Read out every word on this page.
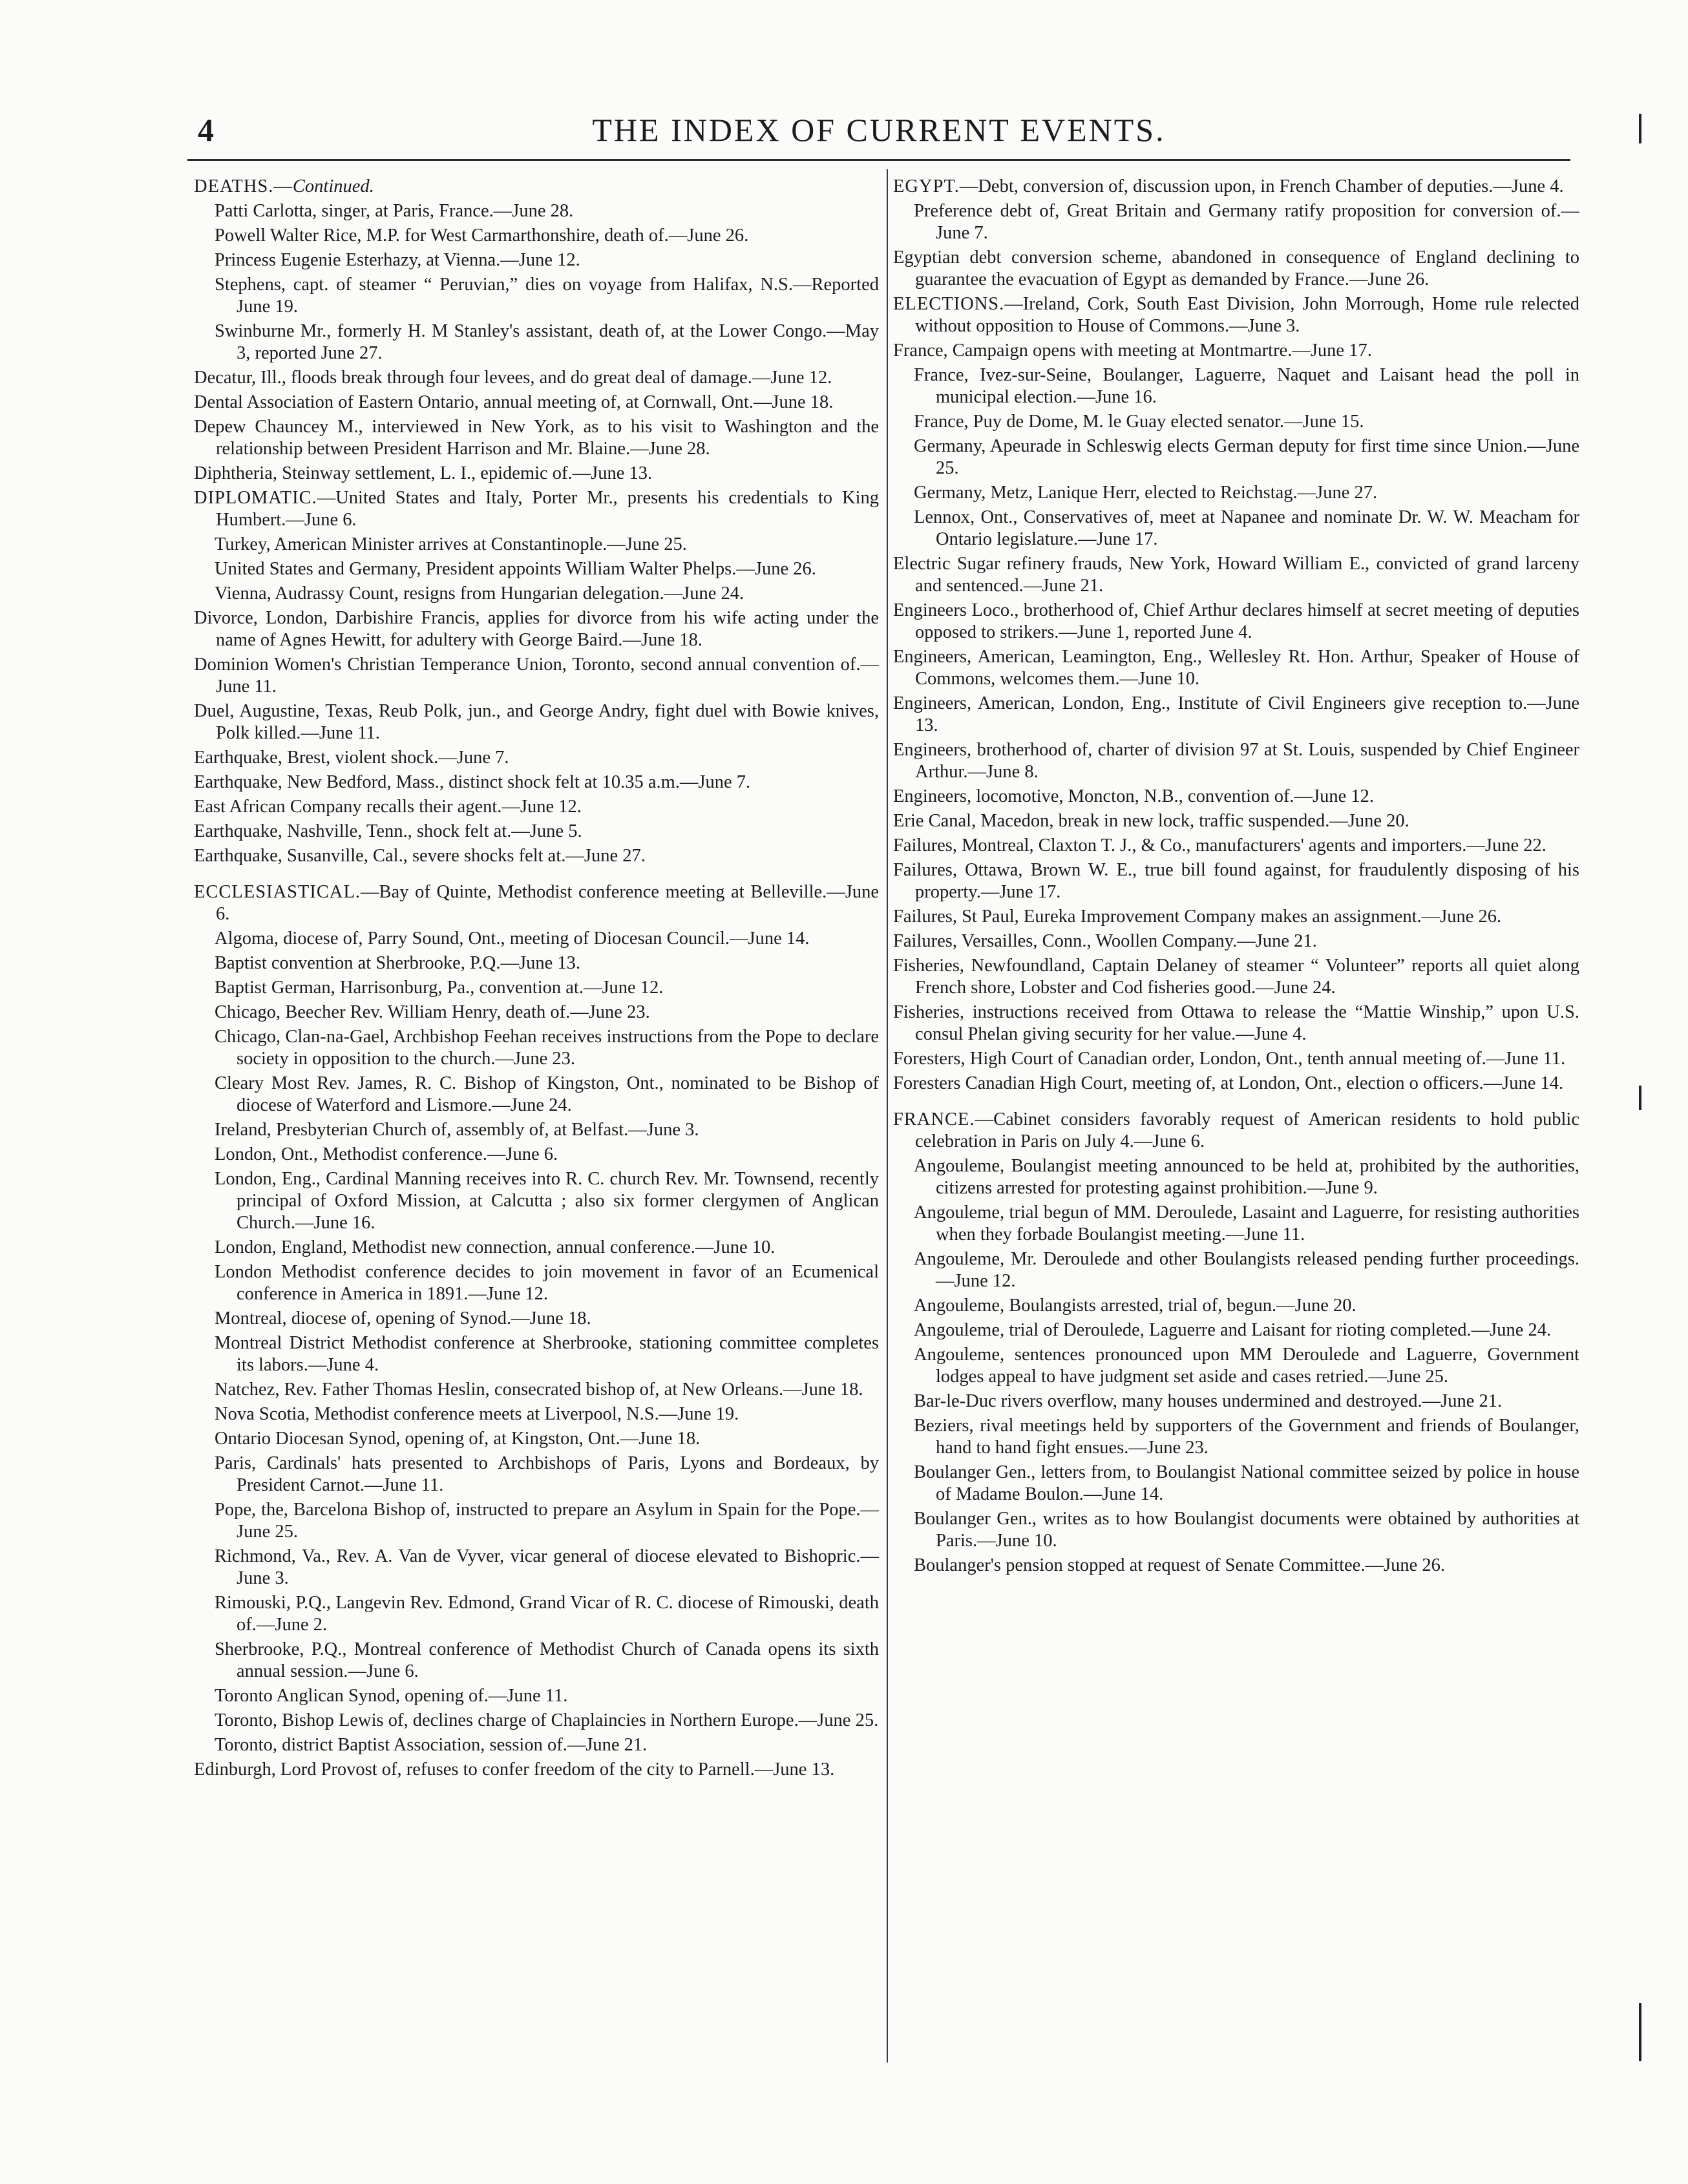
4	THE INDEX OF CURRENT EVENTS.
DEATHS.—Continued.
Patti Carlotta, singer, at Paris, France.—June 28.
Powell Walter Rice, M.P. for West Carmarthonshire, death of.—June 26.
Princess Eugenie Esterhazy, at Vienna.—June 12.
Stephens, capt. of steamer “ Peruvian,” dies on voyage from Halifax, N.S.—Reported June 19.
Swinburne Mr., formerly H. M Stanley's assistant, death of, at the Lower Congo.—May 3, reported June 27.
Decatur, Ill., floods break through four levees, and do great deal of damage.—June 12.
Dental Association of Eastern Ontario, annual meeting of, at Cornwall, Ont.—June 18.
Depew Chauncey M., interviewed in New York, as to his visit to Washington and the relationship between President Harrison and Mr. Blaine.—June 28.
Diphtheria, Steinway settlement, L. I., epidemic of.—June 13.
DIPLOMATIC.—United States and Italy, Porter Mr., presents his credentials to King Humbert.—June 6.
Turkey, American Minister arrives at Constantinople.—June 25.
United States and Germany, President appoints William Walter Phelps.—June 26.
Vienna, Audrassy Count, resigns from Hungarian delegation.—June 24.
Divorce, London, Darbishire Francis, applies for divorce from his wife acting under the name of Agnes Hewitt, for adultery with George Baird.—June 18.
Dominion Women's Christian Temperance Union, Toronto, second annual convention of.—June 11.
Duel, Augustine, Texas, Reub Polk, jun., and George Andry, fight duel with Bowie knives, Polk killed.—June 11.
Earthquake, Brest, violent shock.—June 7.
Earthquake, New Bedford, Mass., distinct shock felt at 10.35 a.m.—June 7.
East African Company recalls their agent.—June 12.
Earthquake, Nashville, Tenn., shock felt at.—June 5.
Earthquake, Susanville, Cal., severe shocks felt at.—June 27.
ECCLESIASTICAL.—Bay of Quinte, Methodist conference meeting at Belleville.—June 6.
Algoma, diocese of, Parry Sound, Ont., meeting of Diocesan Council.—June 14.
Baptist convention at Sherbrooke, P.Q.—June 13.
Baptist German, Harrisonburg, Pa., convention at.—June 12.
Chicago, Beecher Rev. William Henry, death of.—June 23.
Chicago, Clan-na-Gael, Archbishop Feehan receives instructions from the Pope to declare society in opposition to the church.—June 23.
Cleary Most Rev. James, R. C. Bishop of Kingston, Ont., nominated to be Bishop of diocese of Waterford and Lismore.—June 24.
Ireland, Presbyterian Church of, assembly of, at Belfast.—June 3.
London, Ont., Methodist conference.—June 6.
London, Eng., Cardinal Manning receives into R. C. church Rev. Mr. Townsend, recently principal of Oxford Mission, at Calcutta ; also six former clergymen of Anglican Church.—June 16.
London, England, Methodist new connection, annual conference.—June 10.
London Methodist conference decides to join movement in favor of an Ecumenical conference in America in 1891.—June 12.
Montreal, diocese of, opening of Synod.—June 18.
Montreal District Methodist conference at Sherbrooke, stationing committee completes its labors.—June 4.
Natchez, Rev. Father Thomas Heslin, consecrated bishop of, at New Orleans.—June 18.
Nova Scotia, Methodist conference meets at Liverpool, N.S.—June 19.
Ontario Diocesan Synod, opening of, at Kingston, Ont.—June 18.
Paris, Cardinals' hats presented to Archbishops of Paris, Lyons and Bordeaux, by President Carnot.—June 11.
Pope, the, Barcelona Bishop of, instructed to prepare an Asylum in Spain for the Pope.—June 25.
Richmond, Va., Rev. A. Van de Vyver, vicar general of diocese elevated to Bishopric.—June 3.
Rimouski, P.Q., Langevin Rev. Edmond, Grand Vicar of R. C. diocese of Rimouski, death of.—June 2.
Sherbrooke, P.Q., Montreal conference of Methodist Church of Canada opens its sixth annual session.—June 6.
Toronto Anglican Synod, opening of.—June 11.
Toronto, Bishop Lewis of, declines charge of Chaplaincies in Northern Europe.—June 25.
Toronto, district Baptist Association, session of.—June 21.
Edinburgh, Lord Provost of, refuses to confer freedom of the city to Parnell.—June 13.
EGYPT.—Debt, conversion of, discussion upon, in French Chamber of deputies.—June 4.
Preference debt of, Great Britain and Germany ratify proposition for conversion of.—June 7.
Egyptian debt conversion scheme, abandoned in consequence of England declining to guarantee the evacuation of Egypt as demanded by France.—June 26.
ELECTIONS.—Ireland, Cork, South East Division, John Morrough, Home rule relected without opposition to House of Commons.—June 3.
France, Campaign opens with meeting at Montmartre.—June 17.
France, Ivez-sur-Seine, Boulanger, Laguerre, Naquet and Laisant head the poll in municipal election.—June 16.
France, Puy de Dome, M. le Guay elected senator.—June 15.
Germany, Apeurade in Schleswig elects German deputy for first time since Union.—June 25.
Germany, Metz, Lanique Herr, elected to Reichstag.—June 27.
Lennox, Ont., Conservatives of, meet at Napanee and nominate Dr. W. W. Meacham for Ontario legislature.—June 17.
Electric Sugar refinery frauds, New York, Howard William E., convicted of grand larceny and sentenced.—June 21.
Engineers Loco., brotherhood of, Chief Arthur declares himself at secret meeting of deputies opposed to strikers.—June 1, reported June 4.
Engineers, American, Leamington, Eng., Wellesley Rt. Hon. Arthur, Speaker of House of Commons, welcomes them.—June 10.
Engineers, American, London, Eng., Institute of Civil Engineers give reception to.—June 13.
Engineers, brotherhood of, charter of division 97 at St. Louis, suspended by Chief Engineer Arthur.—June 8.
Engineers, locomotive, Moncton, N.B., convention of.—June 12.
Erie Canal, Macedon, break in new lock, traffic suspended.—June 20.
Failures, Montreal, Claxton T. J., & Co., manufacturers' agents and importers.—June 22.
Failures, Ottawa, Brown W. E., true bill found against, for fraudulently disposing of his property.—June 17.
Failures, St Paul, Eureka Improvement Company makes an assignment.—June 26.
Failures, Versailles, Conn., Woollen Company.—June 21.
Fisheries, Newfoundland, Captain Delaney of steamer “ Volunteer” reports all quiet along French shore, Lobster and Cod fisheries good.—June 24.
Fisheries, instructions received from Ottawa to release the “Mattie Winship,” upon U.S. consul Phelan giving security for her value.—June 4.
Foresters, High Court of Canadian order, London, Ont., tenth annual meeting of.—June 11.
Foresters Canadian High Court, meeting of, at London, Ont., election o officers.—June 14.
FRANCE.—Cabinet considers favorably request of American residents to hold public celebration in Paris on July 4.—June 6.
Angouleme, Boulangist meeting announced to be held at, prohibited by the authorities, citizens arrested for protesting against prohibition.—June 9.
Angouleme, trial begun of MM. Deroulede, Lasaint and Laguerre, for resisting authorities when they forbade Boulangist meeting.—June 11.
Angouleme, Mr. Deroulede and other Boulangists released pending further proceedings.—June 12.
Angouleme, Boulangists arrested, trial of, begun.—June 20.
Angouleme, trial of Deroulede, Laguerre and Laisant for rioting completed.—June 24.
Angouleme, sentences pronounced upon MM Deroulede and Laguerre, Government lodges appeal to have judgment set aside and cases retried.—June 25.
Bar-le-Duc rivers overflow, many houses undermined and destroyed.—June 21.
Beziers, rival meetings held by supporters of the Government and friends of Boulanger, hand to hand fight ensues.—June 23.
Boulanger Gen., letters from, to Boulangist National committee seized by police in house of Madame Boulon.—June 14.
Boulanger Gen., writes as to how Boulangist documents were obtained by authorities at Paris.—June 10.
Boulanger's pension stopped at request of Senate Committee.—June 26.
